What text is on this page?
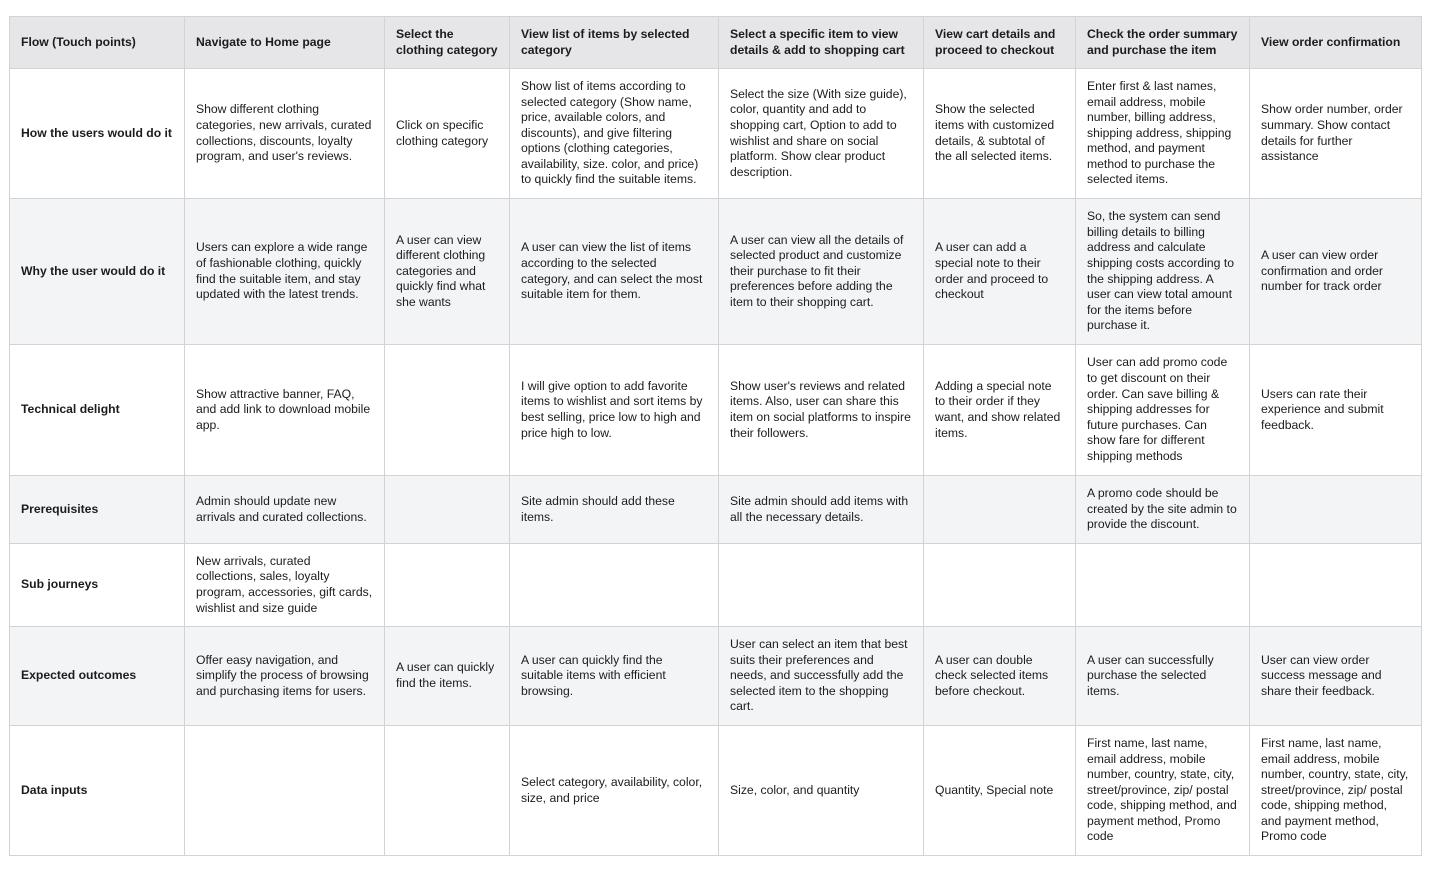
Flow (Touch points)	Navigate to Home page	Select the clothing category	View list of items by selected category	Select a specific item to view details & add to shopping cart	View cart details and proceed to checkout	Check the order summary and purchase the item	View order confirmation
How the users would do it	Show different clothing categories, new arrivals, curated collections, discounts, loyalty program, and user's reviews.	Click on specific clothing category	Show list of items according to selected category (Show name, price, available colors, and discounts), and give filtering options (clothing categories, availability, size. color, and price) to quickly find the suitable items.	Select the size (With size guide), color, quantity and add to shopping cart, Option to add to wishlist and share on social platform. Show clear product description.	Show the selected items with customized details, & subtotal of the all selected items.	Enter first & last names, email address, mobile number, billing address, shipping address, shipping method, and payment method to purchase the selected items.	Show order number, order summary. Show contact details for further assistance
Why the user would do it	Users can explore a wide range of fashionable clothing, quickly find the suitable item, and stay updated with the latest trends.	A user can view different clothing categories and quickly find what she wants	A user can view the list of items according to the selected category, and can select the most suitable item for them.	A user can view all the details of selected product and customize their purchase to fit their preferences before adding the item to their shopping cart.	A user can add a special note to their order and proceed to checkout	So, the system can send billing details to billing address and calculate shipping costs according to the shipping address. A user can view total amount for the items before purchase it.	A user can view order confirmation and order number for track order
Technical delight	Show attractive banner, FAQ, and add link to download mobile app.		I will give option to add favorite items to wishlist and sort items by best selling, price low to high and price high to low.	Show user's reviews and related items. Also, user can share this item on social platforms to inspire their followers.	Adding a special note to their order if they want, and show related items.	User can add promo code to get discount on their order. Can save billing & shipping addresses for future purchases. Can show fare for different shipping methods	Users can rate their experience and submit feedback.
Prerequisites	Admin should update new arrivals and curated collections.		Site admin should add these items.	Site admin should add items with all the necessary details.		A promo code should be created by the site admin to provide the discount.	
Sub journeys	New arrivals, curated collections, sales, loyalty program, accessories, gift cards, wishlist and size guide						
Expected outcomes	Offer easy navigation, and simplify the process of browsing and purchasing items for users.	A user can quickly find the items.	A user can quickly find the suitable items with efficient browsing.	User can select an item that best suits their preferences and needs, and successfully add the selected item to the shopping cart.	A user can double check selected items before checkout.	A user can successfully purchase the selected items.	User can view order success message and share their feedback.
Data inputs			Select category, availability, color, size, and price	Size, color, and quantity	Quantity, Special note	First name, last name, email address, mobile number, country, state, city, street/province, zip/ postal code, shipping method, and payment method, Promo code	First name, last name, email address, mobile number, country, state, city, street/province, zip/ postal code, shipping method, and payment method, Promo code
